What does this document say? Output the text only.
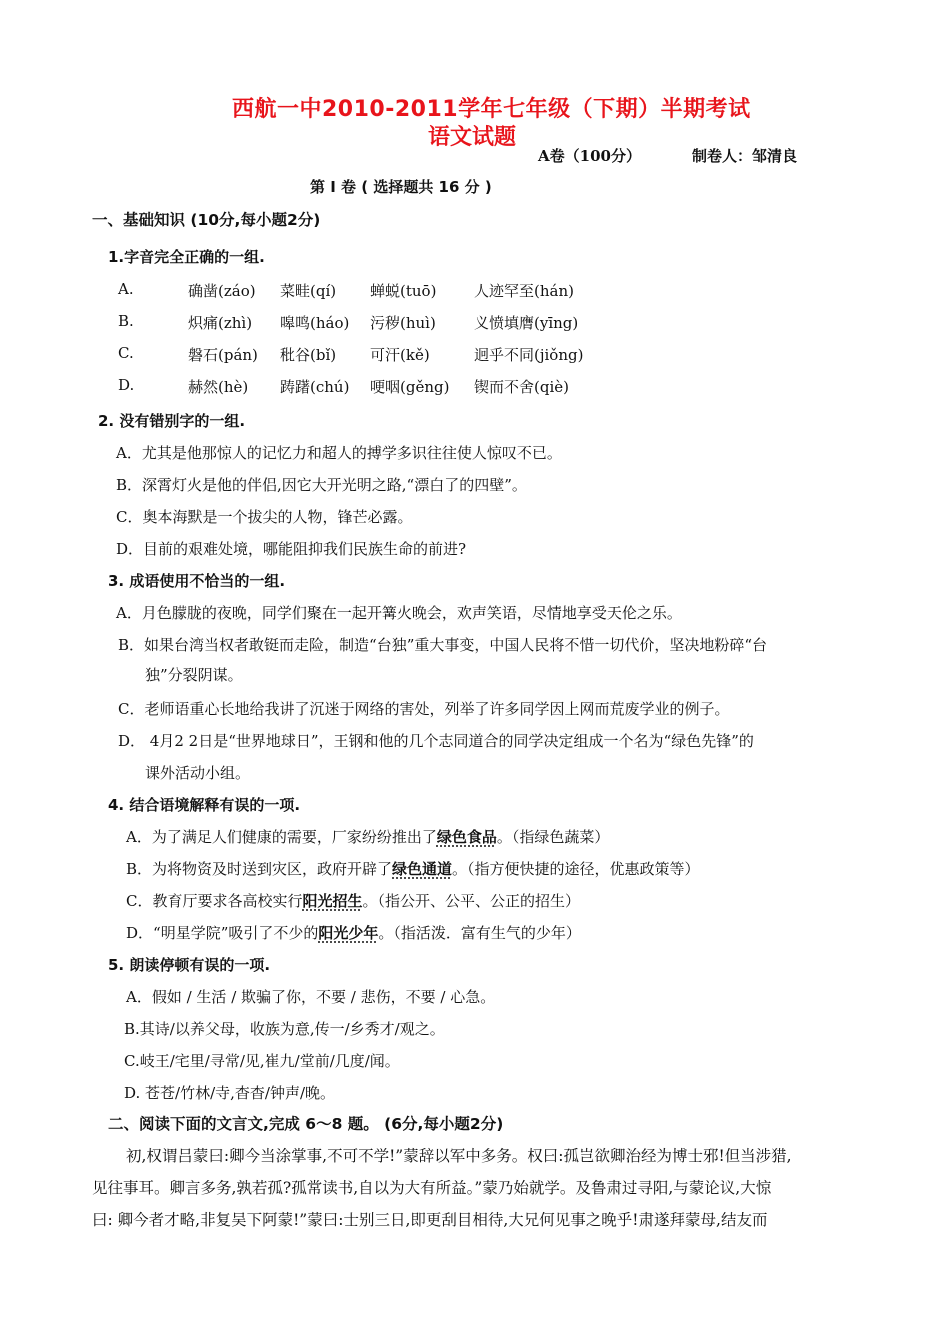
西航一中2010-2011学年七年级（下期）半期考试
语文试题
A卷（100分）	制卷人：邹清良
第 I 卷 ( 选择题共 16 分 )
一、基础知识 (10分,每小题2分)
1.字音完全正确的一组.
A.	确凿(záo) 菜畦(qí) 蝉蜕(tuō)	人迹罕至(hán)
B.	炽痛(zhì) 嗥鸣(háo) 污秽(huì)	义愤填膺(yīng)
C.	磐石(pán) 秕谷(bǐ) 可汗(kě)	迥乎不同(jiǒng)
D.	赫然(hè) 踌躇(chú) 哽咽(gěng) 锲而不舍(qiè)
2. 没有错别字的一组.
A．尤其是他那惊人的记忆力和超人的搏学多识往往使人惊叹不已。
B．深霄灯火是他的伴侣,因它大开光明之路,“漂白了的四壁”。
C．奥本海默是一个拔尖的人物，锋芒必露。
D．目前的艰难处境，哪能阻抑我们民族生命的前进?
3. 成语使用不恰当的一组.
A．月色朦胧的夜晚，同学们聚在一起开篝火晚会，欢声笑语，尽情地享受天伦之乐。
B．如果台湾当权者敢铤而走险，制造“台独”重大事变，中国人民将不惜一切代价，坚决地粉碎“台
独”分裂阴谋。
C．老师语重心长地给我讲了沉迷于网络的害处，列举了许多同学因上网而荒废学业的例子。
D． 4月2 2日是“世界地球日”，王钢和他的几个志同道合的同学决定组成一个名为“绿色先锋”的
课外活动小组。
4. 结合语境解释有误的一项.
A．为了满足人们健康的需要，厂家纷纷推出了绿色食品。（指绿色蔬菜）
B．为将物资及时送到灾区，政府开辟了绿色通道。（指方便快捷的途径，优惠政策等）
C．教育厅要求各高校实行阳光招生。（指公开、公平、公正的招生）
D．“明星学院”吸引了不少的阳光少年。（指活泼．富有生气的少年）
5. 朗读停顿有误的一项.
A．假如 / 生活 / 欺骗了你，不要 / 悲伤，不要 / 心急。
B.其诗/以养父母，收族为意,传一/乡秀才/观之。
C.岐王/宅里/寻常/见,崔九/堂前/几度/闻。
D. 苍苍/竹林/寺,杳杳/钟声/晚。
二、阅读下面的文言文,完成 6～8 题。 (6分,每小题2分)
初,权谓吕蒙曰:卿今当涂掌事,不可不学!”蒙辞以军中多务。权曰:孤岂欲卿治经为博士邪!但当涉猎,
见往事耳。卿言多务,孰若孤?孤常读书,自以为大有所益。”蒙乃始就学。及鲁肃过寻阳,与蒙论议,大惊
曰: 卿今者才略,非复吴下阿蒙!”蒙曰:士别三日,即更刮目相待,大兄何见事之晚乎!肃遂拜蒙母,结友而
